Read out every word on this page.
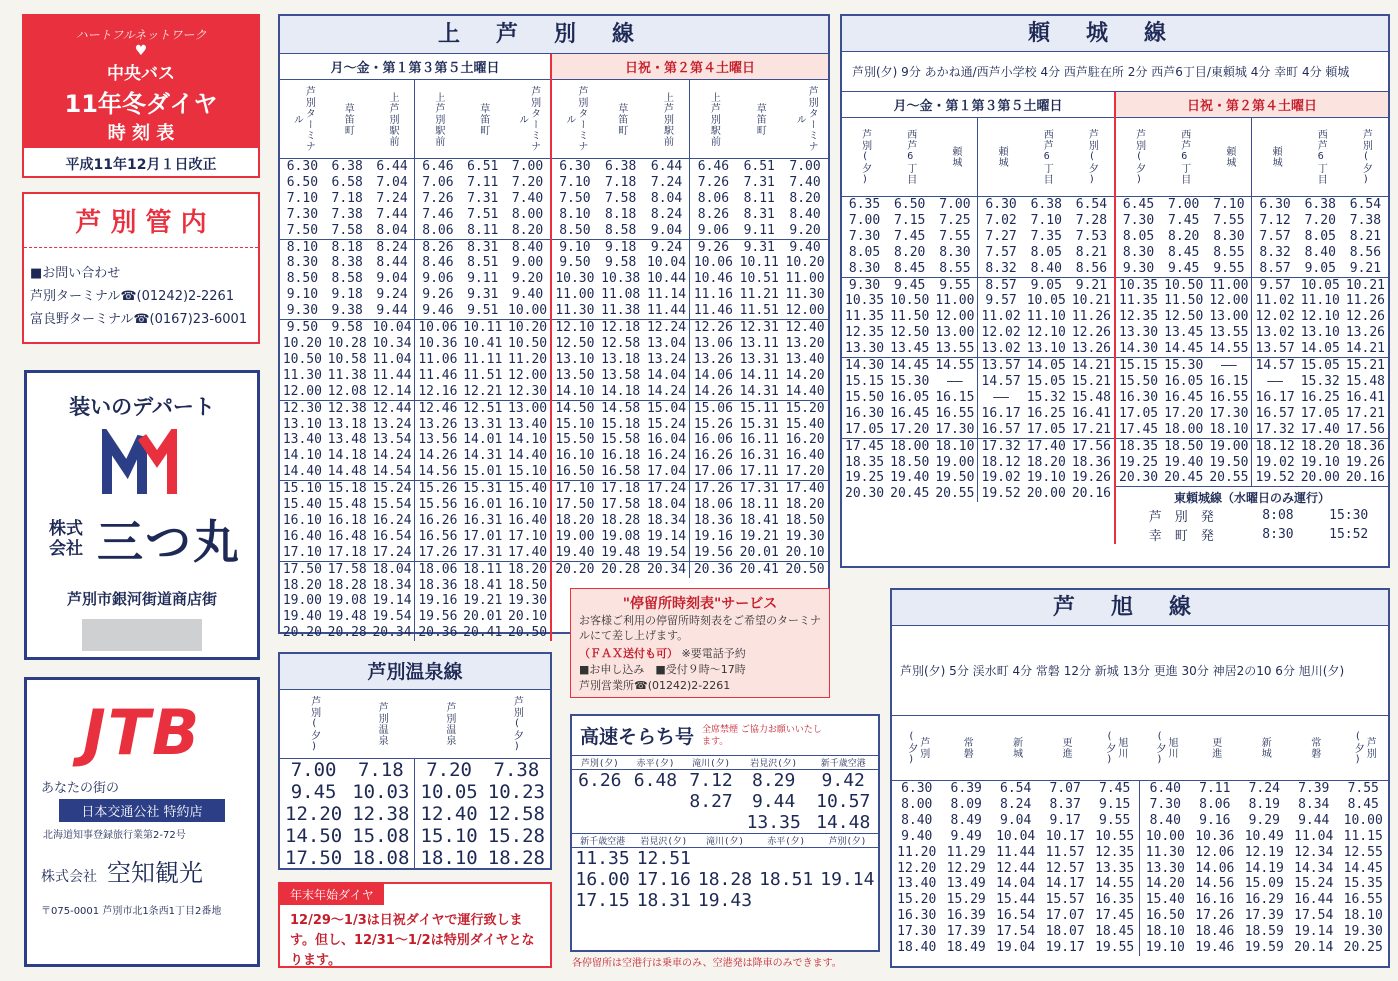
ハートフルネットワーク
♥
中央バス
11年冬ダイヤ
時 刻 表
平成11年12月１日改正
芦 別 管 内
■お問い合わせ
芦別ターミナル☎(01242)2-2261
富良野ターミナル☎(0167)23-6001
装いのデパート
株式会社 三つ丸
芦別市銀河街道商店街
JTB
あなたの街の
日本交通公社 特約店
北海道知事登録旅行業第2-72号
株式会社 空知観光
〒075-0001 芦別市北1条西1丁目2番地
上芦別線
月～金・第１第３第５土曜日
芦別ターミナル	草笛町	上芦別駅前	上芦別駅前	草笛町	芦別ターミナル

6.30	6.38	6.44	6.46	6.51	7.00
6.50	6.58	7.04	7.06	7.11	7.20
7.10	7.18	7.24	7.26	7.31	7.40
7.30	7.38	7.44	7.46	7.51	8.00
7.50	7.58	8.04	8.06	8.11	8.20
8.10	8.18	8.24	8.26	8.31	8.40
8.30	8.38	8.44	8.46	8.51	9.00
8.50	8.58	9.04	9.06	9.11	9.20
9.10	9.18	9.24	9.26	9.31	9.40
9.30	9.38	9.44	9.46	9.51	10.00
9.50	9.58	10.04	10.06	10.11	10.20
10.20	10.28	10.34	10.36	10.41	10.50
10.50	10.58	11.04	11.06	11.11	11.20
11.30	11.38	11.44	11.46	11.51	12.00
12.00	12.08	12.14	12.16	12.21	12.30
12.30	12.38	12.44	12.46	12.51	13.00
13.10	13.18	13.24	13.26	13.31	13.40
13.40	13.48	13.54	13.56	14.01	14.10
14.10	14.18	14.24	14.26	14.31	14.40
14.40	14.48	14.54	14.56	15.01	15.10
15.10	15.18	15.24	15.26	15.31	15.40
15.40	15.48	15.54	15.56	16.01	16.10
16.10	16.18	16.24	16.26	16.31	16.40
16.40	16.48	16.54	16.56	17.01	17.10
17.10	17.18	17.24	17.26	17.31	17.40
17.50	17.58	18.04	18.06	18.11	18.20
18.20	18.28	18.34	18.36	18.41	18.50
19.00	19.08	19.14	19.16	19.21	19.30
19.40	19.48	19.54	19.56	20.01	20.10
20.20	20.28	20.34	20.36	20.41	20.50
日祝・第２第４土曜日
芦別ターミナル	草笛町	上芦別駅前	上芦別駅前	草笛町	芦別ターミナル

6.30	6.38	6.44	6.46	6.51	7.00
7.10	7.18	7.24	7.26	7.31	7.40
7.50	7.58	8.04	8.06	8.11	8.20
8.10	8.18	8.24	8.26	8.31	8.40
8.50	8.58	9.04	9.06	9.11	9.20
9.10	9.18	9.24	9.26	9.31	9.40
9.50	9.58	10.04	10.06	10.11	10.20
10.30	10.38	10.44	10.46	10.51	11.00
11.00	11.08	11.14	11.16	11.21	11.30
11.30	11.38	11.44	11.46	11.51	12.00
12.10	12.18	12.24	12.26	12.31	12.40
12.50	12.58	13.04	13.06	13.11	13.20
13.10	13.18	13.24	13.26	13.31	13.40
13.50	13.58	14.04	14.06	14.11	14.20
14.10	14.18	14.24	14.26	14.31	14.40
14.50	14.58	15.04	15.06	15.11	15.20
15.10	15.18	15.24	15.26	15.31	15.40
15.50	15.58	16.04	16.06	16.11	16.20
16.10	16.18	16.24	16.26	16.31	16.40
16.50	16.58	17.04	17.06	17.11	17.20
17.10	17.18	17.24	17.26	17.31	17.40
17.50	17.58	18.04	18.06	18.11	18.20
18.20	18.28	18.34	18.36	18.41	18.50
19.00	19.08	19.14	19.16	19.21	19.30
19.40	19.48	19.54	19.56	20.01	20.10
20.20	20.28	20.34	20.36	20.41	20.50
芦別温泉線
芦別(夕)	芦別温泉	芦別温泉	芦別(夕)

7.00	7.18	7.20	7.38
9.45	10.03	10.05	10.23
12.20	12.38	12.40	12.58
14.50	15.08	15.10	15.28
17.50	18.08	18.10	18.28
年末年始ダイヤ
12/29～1/3は日祝ダイヤで運行致します。但し、12/31～1/2は特別ダイヤとなります。
"停留所時刻表"サービス
お客様ご利用の停留所時刻表をご希望のターミナルにて差し上げます。
（ＦＡＸ送付も可） ※要電話予約
■お申し込み　 ■受付９時～17時
芦別営業所☎(01242)2-2261
高速そらち号 全席禁煙 ご協力お願いいたします。
芦別(夕)	赤平(夕)	滝川(夕)	岩見沢(夕)	新千歳空港

6.26	6.48	7.12	8.29	9.42
		8.27	9.44	10.57
			13.35	14.48
新千歳空港	岩見沢(夕)	滝川(夕)	赤平(夕)	芦別(夕)

11.35	12.51			
16.00	17.16	18.28	18.51	19.14
17.15	18.31	19.43		
各停留所は空港行は乗車のみ、空港発は降車のみできます。
頼城線
芦別(夕) 9分 あかね通/西芦小学校 4分 西芦駐在所 2分 西芦6丁目/東頼城 4分 幸町 4分 頼城
月～金・第１第３第５土曜日
芦別(夕)	西芦6丁目	頼城	頼城	西芦6丁目	芦別(夕)

6.35	6.50	7.00	6.30	6.38	6.54
7.00	7.15	7.25	7.02	7.10	7.28
7.30	7.45	7.55	7.27	7.35	7.53
8.05	8.20	8.30	7.57	8.05	8.21
8.30	8.45	8.55	8.32	8.40	8.56
9.30	9.45	9.55	8.57	9.05	9.21
10.35	10.50	11.00	9.57	10.05	10.21
11.35	11.50	12.00	11.02	11.10	11.26
12.35	12.50	13.00	12.02	12.10	12.26
13.30	13.45	13.55	13.02	13.10	13.26
14.30	14.45	14.55	13.57	14.05	14.21
15.15	15.30	——	14.57	15.05	15.21
15.50	16.05	16.15	——	15.32	15.48
16.30	16.45	16.55	16.17	16.25	16.41
17.05	17.20	17.30	16.57	17.05	17.21
17.45	18.00	18.10	17.32	17.40	17.56
18.35	18.50	19.00	18.12	18.20	18.36
19.25	19.40	19.50	19.02	19.10	19.26
20.30	20.45	20.55	19.52	20.00	20.16
日祝・第２第４土曜日
芦別(夕)	西芦6丁目	頼城	頼城	西芦6丁目	芦別(夕)

6.45	7.00	7.10	6.30	6.38	6.54
7.30	7.45	7.55	7.12	7.20	7.38
8.05	8.20	8.30	7.57	8.05	8.21
8.30	8.45	8.55	8.32	8.40	8.56
9.30	9.45	9.55	8.57	9.05	9.21
10.35	10.50	11.00	9.57	10.05	10.21
11.35	11.50	12.00	11.02	11.10	11.26
12.35	12.50	13.00	12.02	12.10	12.26
13.30	13.45	13.55	13.02	13.10	13.26
14.30	14.45	14.55	13.57	14.05	14.21
15.15	15.30	——	14.57	15.05	15.21
15.50	16.05	16.15	——	15.32	15.48
16.30	16.45	16.55	16.17	16.25	16.41
17.05	17.20	17.30	16.57	17.05	17.21
17.45	18.00	18.10	17.32	17.40	17.56
18.35	18.50	19.00	18.12	18.20	18.36
19.25	19.40	19.50	19.02	19.10	19.26
20.30	20.45	20.55	19.52	20.00	20.16
東頼城線（水曜日のみ運行）
芦　別　発	8:08	15:30
幸　町　発	8:30	15:52
芦旭線
芦別(夕) 5分 渓水町 4分 常磐 12分 新城 13分 更進 30分 神居2の10 6分 旭川(夕)
芦別(夕)	常磐	新城	更進	旭川(夕)	旭川(夕)	更進	新城	常磐	芦別(夕)

6.30	6.39	6.54	7.07	7.45	6.40	7.11	7.24	7.39	7.55
8.00	8.09	8.24	8.37	9.15	7.30	8.06	8.19	8.34	8.45
8.40	8.49	9.04	9.17	9.55	8.40	9.16	9.29	9.44	10.00
9.40	9.49	10.04	10.17	10.55	10.00	10.36	10.49	11.04	11.15
11.20	11.29	11.44	11.57	12.35	11.30	12.06	12.19	12.34	12.55
12.20	12.29	12.44	12.57	13.35	13.30	14.06	14.19	14.34	14.45
13.40	13.49	14.04	14.17	14.55	14.20	14.56	15.09	15.24	15.35
15.20	15.29	15.44	15.57	16.35	15.40	16.16	16.29	16.44	16.55
16.30	16.39	16.54	17.07	17.45	16.50	17.26	17.39	17.54	18.10
17.30	17.39	17.54	18.07	18.45	18.10	18.46	18.59	19.14	19.30
18.40	18.49	19.04	19.17	19.55	19.10	19.46	19.59	20.14	20.25
